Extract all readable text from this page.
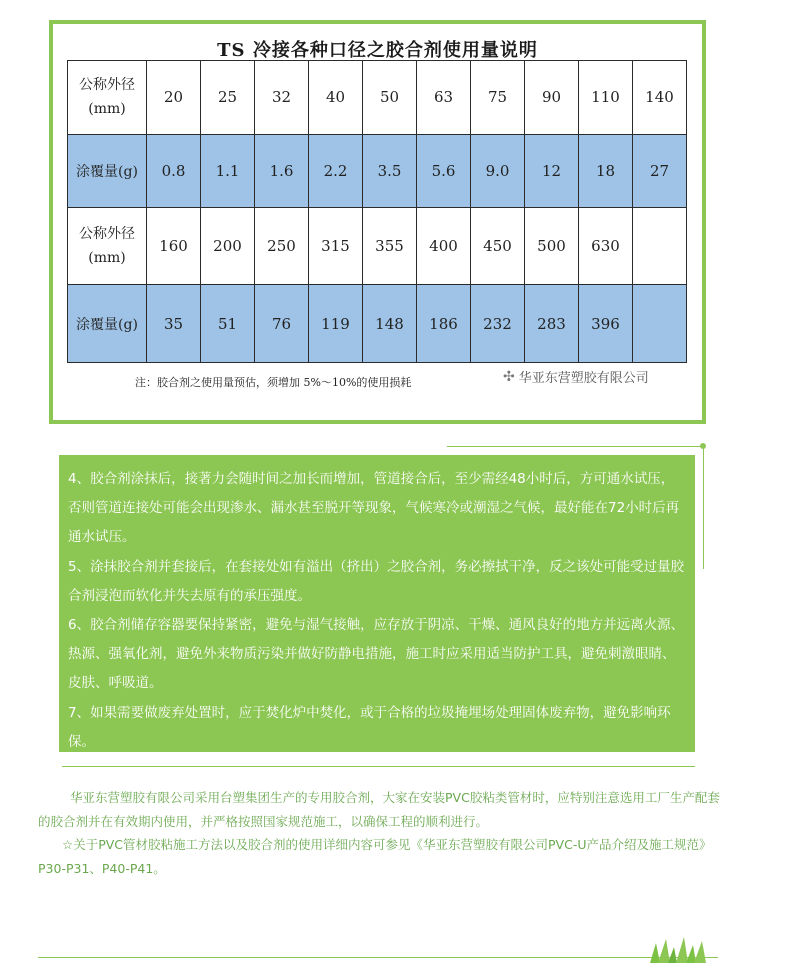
TS 冷接各种口径之胶合剂使用量说明
公称外径
(mm)	20	25	32	40	50	63	75	90	110	140
涂覆量(g)	0.8	1.1	1.6	2.2	3.5	5.6	9.0	12	18	27

公称外径
(mm)	160	200	250	315	355	400	450	500	630	
涂覆量(g)	35	51	76	119	148	186	232	283	396	
注：胶合剂之使用量预估，须增加 5%～10%的使用损耗	✣ 华亚东营塑胶有限公司

4、胶合剂涂抹后，接著力会随时间之加长而增加，管道接合后，至少需经48小时后，方可通水试压，否则管道连接处可能会出现渗水、漏水甚至脱开等现象，气候寒冷或潮湿之气候，最好能在72小时后再通水试压。

5、涂抹胶合剂并套接后，在套接处如有溢出（挤出）之胶合剂，务必擦拭干净，反之该处可能受过量胶合剂浸泡而软化并失去原有的承压强度。

6、胶合剂储存容器要保持紧密，避免与湿气接触，应存放于阴凉、干燥、通风良好的地方并远离火源、热源、强氧化剂，避免外来物质污染并做好防静电措施，施工时应采用适当防护工具，避免刺激眼睛、皮肤、呼吸道。

7、如果需要做废弃处置时，应于焚化炉中焚化，或于合格的垃圾掩埋场处理固体废弃物，避免影响环保。

华亚东营塑胶有限公司采用台塑集团生产的专用胶合剂，大家在安装PVC胶粘类管材时，应特别注意选用工厂生产配套的胶合剂并在有效期内使用，并严格按照国家规范施工，以确保工程的顺利进行。

☆关于PVC管材胶粘施工方法以及胶合剂的使用详细内容可参见《华亚东营塑胶有限公司PVC-U产品介绍及施工规范》P30-P31、P40-P41。
